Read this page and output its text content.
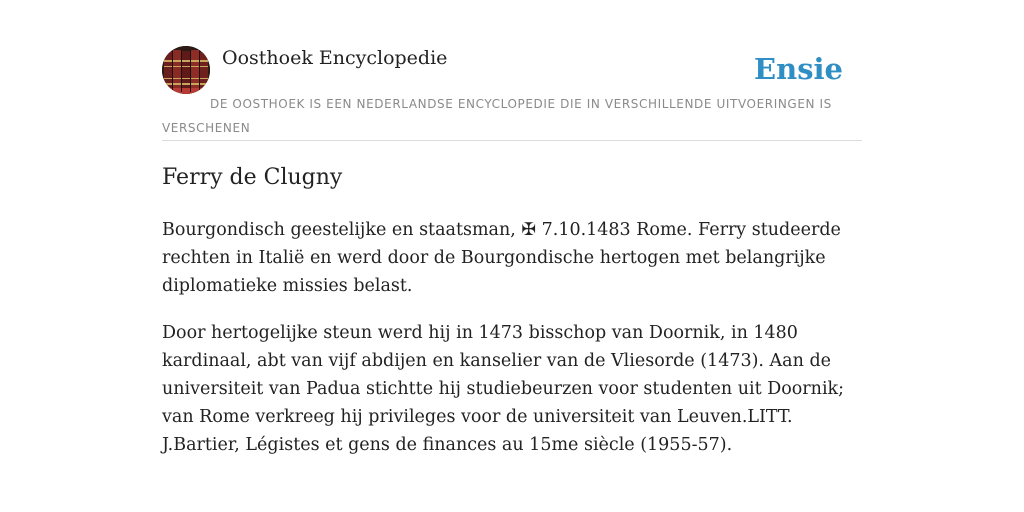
Oosthoek Encyclopedie	Ensie

DE OOSTHOEK IS EEN NEDERLANDSE ENCYCLOPEDIE DIE IN VERSCHILLENDE UITVOERINGEN IS VERSCHENEN

Ferry de Clugny

Bourgondisch geestelijke en staatsman, ✠ 7.10.1483 Rome. Ferry studeerde rechten in Italië en werd door de Bourgondische hertogen met belangrijke diplomatieke missies belast.

Door hertogelijke steun werd hij in 1473 bisschop van Doornik, in 1480 kardinaal, abt van vijf abdijen en kanselier van de Vliesorde (1473). Aan de universiteit van Padua stichtte hij studiebeurzen voor studenten uit Doornik; van Rome verkreeg hij privileges voor de universiteit van Leuven.LITT. J.Bartier, Légistes et gens de finances au 15me siècle (1955-57).
